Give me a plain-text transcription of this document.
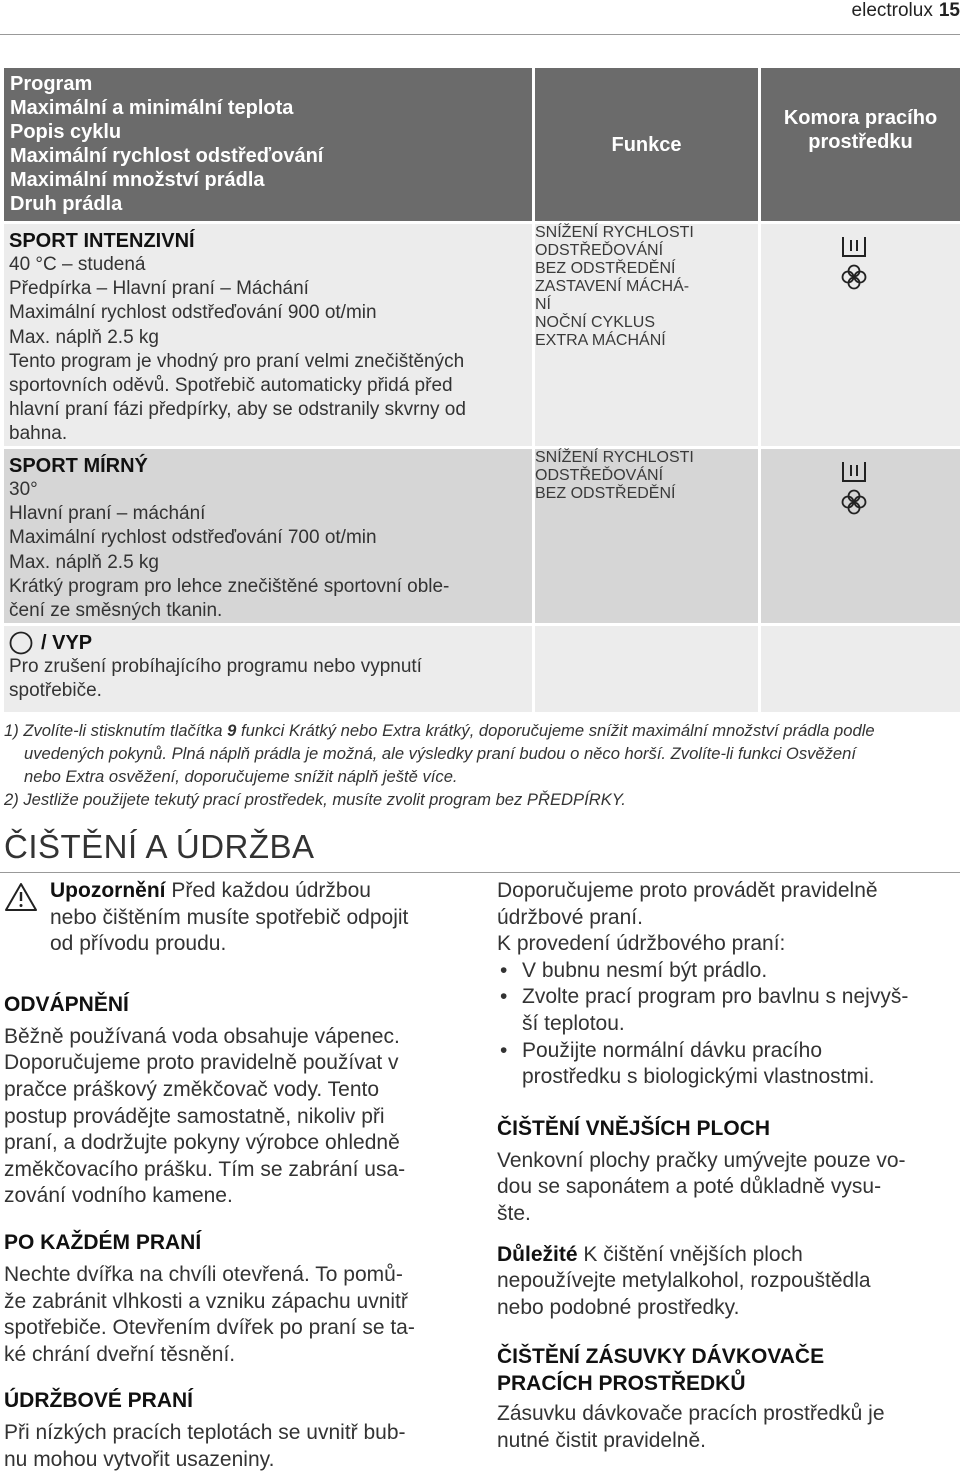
electrolux 15
Program
Maximální a minimální teplota
Popis cyklu
Maximální rychlost odstřeďování
Maximální množství prádla
Druh prádla
Funkce
Komora pracího prostředku
SPORT INTENZIVNÍ
40 °C – studená
Předpírka – Hlavní praní – Máchání
Maximální rychlost odstřeďování 900 ot/min
Max. náplň 2.5 kg
Tento program je vhodný pro praní velmi znečištěných
sportovních oděvů. Spotřebič automaticky přidá před
hlavní praní fázi předpírky, aby se odstranily skvrny od
bahna.
SNÍŽENÍ RYCHLOSTI
ODSTŘEĎOVÁNÍ
BEZ ODSTŘEDĚNÍ
ZASTAVENÍ MÁCHÁ-
NÍ
NOČNÍ CYKLUS
EXTRA MÁCHÁNÍ
SPORT MÍRNÝ
30°
Hlavní praní – máchání
Maximální rychlost odstřeďování 700 ot/min
Max. náplň 2.5 kg
Krátký program pro lehce znečištěné sportovní oble-
čení ze směsných tkanin.
SNÍŽENÍ RYCHLOSTI
ODSTŘEĎOVÁNÍ
BEZ ODSTŘEDĚNÍ
/ VYP
Pro zrušení probíhajícího programu nebo vypnutí
spotřebiče.

1) Zvolíte-li stisknutím tlačítka 9 funkci Krátký nebo Extra krátký, doporučujeme snížit maximální množství prádla podle

uvedených pokynů. Plná náplň prádla je možná, ale výsledky praní budou o něco horší. Zvolíte-li funkci Osvěžení

nebo Extra osvěžení, doporučujeme snížit náplň ještě více.

2) Jestliže použijete tekutý prací prostředek, musíte zvolit program bez PŘEDPÍRKY.

ČIŠTĚNÍ A ÚDRŽBA
Upozornění Před každou údržbou
nebo čištěním musíte spotřebič odpojit
od přívodu proudu.

ODVÁPNĚNÍ

Běžně používaná voda obsahuje vápenec.
Doporučujeme proto pravidelně používat v
pračce práškový změkčovač vody. Tento
postup provádějte samostatně, nikoliv při
praní, a dodržujte pokyny výrobce ohledně
změkčovacího prášku. Tím se zabrání usa-
zování vodního kamene.

PO KAŽDÉM PRANÍ

Nechte dvířka na chvíli otevřená. To pomů-
že zabránit vlhkosti a vzniku zápachu uvnitř
spotřebiče. Otevřením dvířek po praní se ta-
ké chrání dveřní těsnění.

ÚDRŽBOVÉ PRANÍ

Při nízkých pracích teplotách se uvnitř bub-
nu mohou vytvořit usazeniny.
Doporučujeme proto provádět pravidelně
údržbové praní.
K provedení údržbového praní:
• V bubnu nesmí být prádlo.
• Zvolte prací program pro bavlnu s nejvyš-
ší teplotou.
• Použijte normální dávku pracího
prostředku s biologickými vlastnostmi.

ČIŠTĚNÍ VNĚJŠÍCH PLOCH

Venkovní plochy pračky umývejte pouze vo-
dou se saponátem a poté důkladně vysu-
šte.
Důležité K čištění vnějších ploch
nepoužívejte metylalkohol, rozpouštědla
nebo podobné prostředky.

ČIŠTĚNÍ ZÁSUVKY DÁVKOVAČE
PRACÍCH PROSTŘEDKŮ

Zásuvku dávkovače pracích prostředků je
nutné čistit pravidelně.
